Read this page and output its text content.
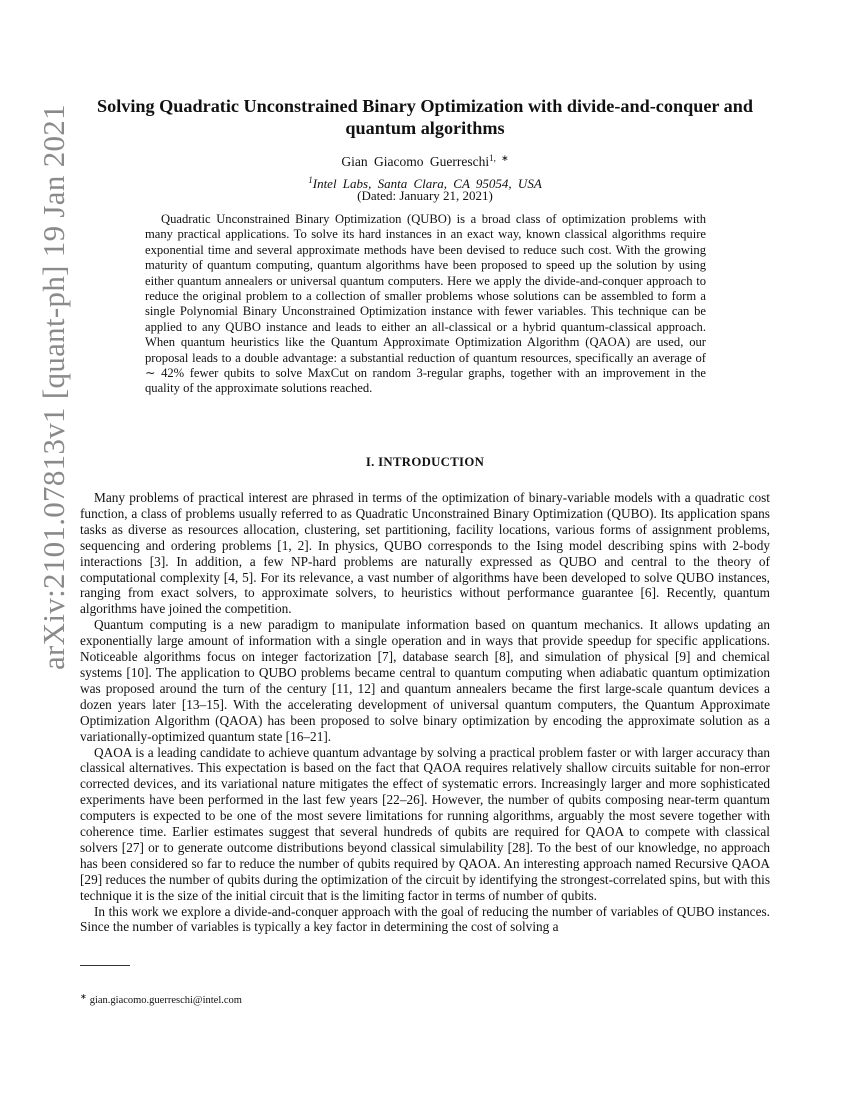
arXiv:2101.07813v1 [quant-ph] 19 Jan 2021	Solving Quadratic Unconstrained Binary Optimization with divide-and-conquer and quantum algorithms
Gian Giacomo Guerreschi$^{1, ∗}$
$^1$Intel Labs, Santa Clara, CA 95054, USA
(Dated: January 21, 2021)
Quadratic Unconstrained Binary Optimization (QUBO) is a broad class of optimization problems with many practical applications. To solve its hard instances in an exact way, known classical algorithms require exponential time and several approximate methods have been devised to reduce such cost. With the growing maturity of quantum computing, quantum algorithms have been proposed to speed up the solution by using either quantum annealers or universal quantum computers. Here we apply the divide-and-conquer approach to reduce the original problem to a collection of smaller problems whose solutions can be assembled to form a single Polynomial Binary Unconstrained Optimization instance with fewer variables. This technique can be applied to any QUBO instance and leads to either an all-classical or a hybrid quantum-classical approach. When quantum heuristics like the Quantum Approximate Optimization Algorithm (QAOA) are used, our proposal leads to a double advantage: a substantial reduction of quantum resources, specifically an average of ∼ 42% fewer qubits to solve MaxCut on random 3-regular graphs, together with an improvement in the quality of the approximate solutions reached.
I. INTRODUCTION

Many problems of practical interest are phrased in terms of the optimization of binary-variable models with a quadratic cost function, a class of problems usually referred to as Quadratic Unconstrained Binary Optimization (QUBO). Its application spans tasks as diverse as resources allocation, clustering, set partitioning, facility locations, various forms of assignment problems, sequencing and ordering problems [1, 2]. In physics, QUBO corresponds to the Ising model describing spins with 2-body interactions [3]. In addition, a few NP-hard problems are naturally expressed as QUBO and central to the theory of computational complexity [4, 5]. For its relevance, a vast number of algorithms have been developed to solve QUBO instances, ranging from exact solvers, to approximate solvers, to heuristics without performance guarantee [6]. Recently, quantum algorithms have joined the competition.

Quantum computing is a new paradigm to manipulate information based on quantum mechanics. It allows updating an exponentially large amount of information with a single operation and in ways that provide speedup for specific applications. Noticeable algorithms focus on integer factorization [7], database search [8], and simulation of physical [9] and chemical systems [10]. The application to QUBO problems became central to quantum computing when adiabatic quantum optimization was proposed around the turn of the century [11, 12] and quantum annealers became the first large-scale quantum devices a dozen years later [13–15]. With the accelerating development of universal quantum computers, the Quantum Approximate Optimization Algorithm (QAOA) has been proposed to solve binary optimization by encoding the approximate solution as a variationally-optimized quantum state [16–21].

QAOA is a leading candidate to achieve quantum advantage by solving a practical problem faster or with larger accuracy than classical alternatives. This expectation is based on the fact that QAOA requires relatively shallow circuits suitable for non-error corrected devices, and its variational nature mitigates the effect of systematic errors. Increasingly larger and more sophisticated experiments have been performed in the last few years [22–26]. However, the number of qubits composing near-term quantum computers is expected to be one of the most severe limitations for running algorithms, arguably the most severe together with coherence time. Earlier estimates suggest that several hundreds of qubits are required for QAOA to compete with classical solvers [27] or to generate outcome distributions beyond classical simulability [28]. To the best of our knowledge, no approach has been considered so far to reduce the number of qubits required by QAOA. An interesting approach named Recursive QAOA [29] reduces the number of qubits during the optimization of the circuit by identifying the strongest-correlated spins, but with this technique it is the size of the initial circuit that is the limiting factor in terms of number of qubits.

In this work we explore a divide-and-conquer approach with the goal of reducing the number of variables of QUBO instances. Since the number of variables is typically a key factor in determining the cost of solving a

∗ gian.giacomo.guerreschi@intel.com
